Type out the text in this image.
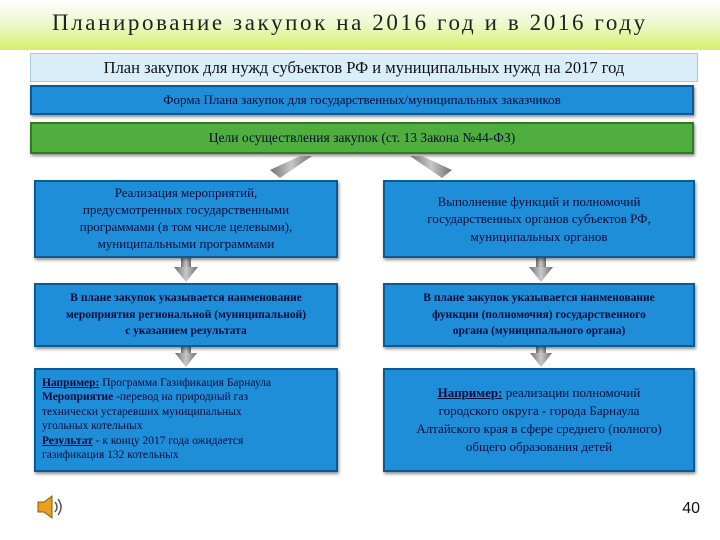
Планирование закупок на 2016 год и в 2016 году
План закупок для нужд субъектов РФ и муниципальных нужд на 2017 год
Форма Плана закупок для государственных/муниципальных заказчиков
Цели осуществления закупок (ст. 13 Закона №44-ФЗ)
Реализация мероприятий,
предусмотренных государственными
программами (в том числе целевыми),
муниципальными программами
Выполнение функций и полномочий
государственных органов субъектов РФ,
муниципальных органов
В плане закупок указывается наименование
мероприятия региональной (муниципальной)
с указанием результата
В плане закупок указывается наименование
функции (полномочия) государственного
органа (муниципального органа)
Например: Программа Газификация Барнаула
Мероприятие -перевод на природный газ
технически устаревших муниципальных
угольных котельных
Результат - к концу 2017 года ожидается
газификация 132 котельных
Например: реализации полномочий
городского округа - города Барнаула
Алтайского края в сфере среднего (полного)
общего образования детей
40
